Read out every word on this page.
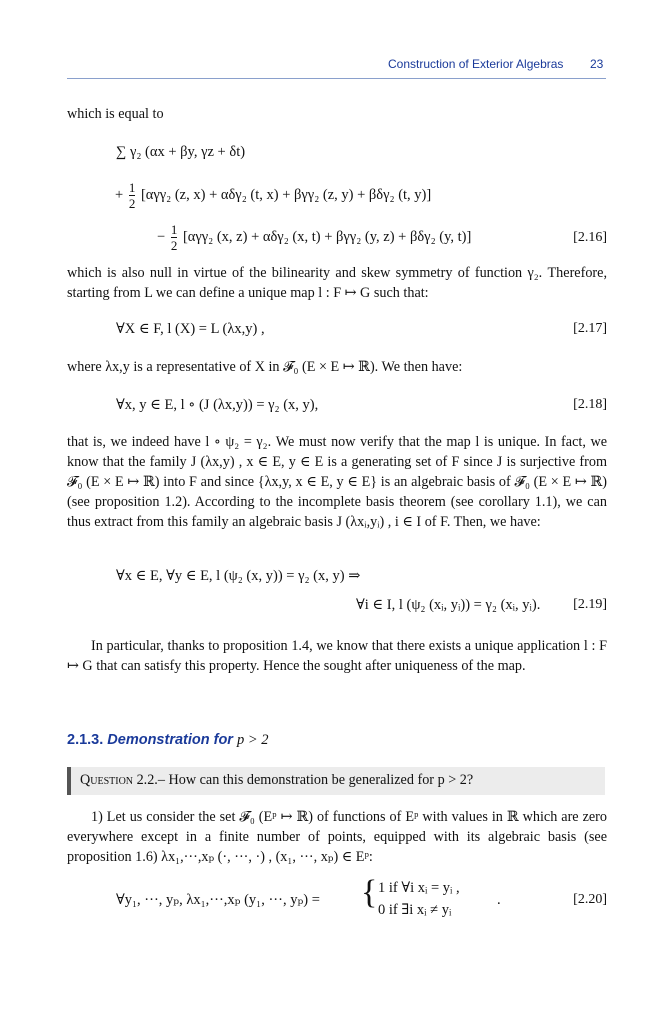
Construction of Exterior Algebras 23
which is equal to
∑ γ₂ (αx + βy, γz + δt)
+ $\frac{1}{2} [\alpha\gamma\gamma_2$ (z, x) + αδγ₂ (t, x) + βγγ₂ (z, y) + βδγ₂ (t, y)]
− $\frac{1}{2} [\alpha\gamma\gamma_2$ (x, z) + αδγ₂ (x, t) + βγγ₂ (y, z) + βδγ₂ (y, t)]	[2.16]
which is also null in virtue of the bilinearity and skew symmetry of function γ₂. Therefore, starting from L we can define a unique map l : F ↦ G such that:
∀X ∈ F, l (X) = L (λx,y) ,	[2.17]
where λx,y is a representative of X in 𝓕₀ (E × E ↦ ℝ). We then have:
∀x, y ∈ E, l ∘ (J (λx,y)) = γ₂ (x, y),	[2.18]
that is, we indeed have l ∘ ψ₂ = γ₂. We must now verify that the map l is unique. In fact, we know that the family J (λx,y) , x ∈ E, y ∈ E is a generating set of F since J is surjective from 𝓕₀ (E × E ↦ ℝ) into F and since {λx,y, x ∈ E, y ∈ E} is an algebraic basis of 𝓕₀ (E × E ↦ ℝ) (see proposition 1.2). According to the incomplete basis theorem (see corollary 1.1), we can thus extract from this family an algebraic basis J (λxᵢ,yᵢ) , i ∈ I of F. Then, we have:
∀x ∈ E, ∀y ∈ E, l (ψ₂ (x, y)) = γ₂ (x, y) ⇒
∀i ∈ I, l (ψ₂ (xᵢ, yᵢ)) = γ₂ (xᵢ, yᵢ). [2.19]
In particular, thanks to proposition 1.4, we know that there exists a unique application l : F ↦ G that can satisfy this property. Hence the sought after uniqueness of the map.
2.1.3. Demonstration for p > 2
Question 2.2.– How can this demonstration be generalized for p > 2?
1) Let us consider the set 𝓕₀ (Eᵖ ↦ ℝ) of functions of Eᵖ with values in ℝ which are zero everywhere except in a finite number of points, equipped with its algebraic basis (see proposition 1.6) λx₁,···,xₚ (·, ···, ·) , (x₁, ···, xₚ) ∈ Eᵖ:
∀y₁, ···, yₚ, λx₁,···,xₚ (y₁, ···, yₚ) = { 1 if ∀i xᵢ = yᵢ ,
0 if ∃i xᵢ ≠ yᵢ
.	[2.20]
